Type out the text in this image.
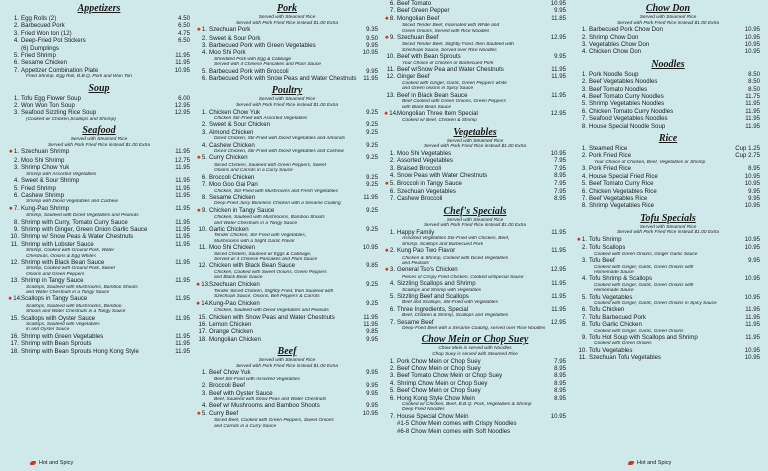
Appetizers
1. Egg Rolls (2)	4.50
2. Barbecued Pork	6.50
3. Fried Won ton (12)	4.75
4. Deep-Fried Pot Stickers	6.50
(6) Dumplings
5. Fried Shrimp	11.95
6. Sesame Chicken	11.95
7. Appetizer Combination Plate	10.95
Fried Shrimp, Egg Roll, B.B.Q. Pork and Won Ton
Soup
1. Tofu Egg Flower Soup	6.00
2. Won Won Ton Soup	12.95
3. Seafood Sizzling Rice Soup	12.95
(Cooked w/ Chicken,Scallops and Shrimp)
Seafood
Served with Steamed Rice
Served with Pork Fried Rice instead $1.00 Extra
✹1. Szechuan Shrimp	11.95
2. Moo Shi Shrimp	12.75
3. Shrimp Chow Yuk	11.95
Shrimp with Assorted Vegetables
4. Sweet & Sour Shrimp	11.95
5. Fried Shrimp	11.95
6. Cashew Shrimp	11.95
Shrimp with Diced Vegetables and Cashew
✹7. Kung-Pao Shrimp	11.95
Shrimp, Sauteed with Diced Vegetables and Peanuts
8. Shrimp with Curry, Tomato Curry Sauce	11.95
9. Shrimp with Ginger, Green Onion Garlic Sauce	11.95
10. Shrimp w/ Snow Peas & Water Chestnuts	11.95
11. Shrimp with Lobster Sauce	11.95
Shrimp, Cooked with Ground Pork, Water
Chestnuts, Onions & Egg Whites
12. Shrimp with Black Bean Sauce	11.95
Shrimp, Cooked with Ground Pork, Sweet
Onions and Green Peppers
13. Shrimp in Tangy Sauce	11.95
Scallops, Sauteed with Mushrooms, Bamboo Shoots
and Water Chestnuts in a Tangy Sauce
✹14. Scallops in Tangy Sauce	11.95
Scallops, Sauteed with Mushrooms, Bamboo
Shoots and Water Chestnuts in a Tangy Sauce
15. Scallops with Oyster Sauce	11.95
Scallops, Sauteed with Vegetables
in and Oyster Sauce
16. Shrimp with Green Vegetables	11.95
17. Shrimp with Bean Sprouts	11.95
18. Shrimp with Bean Sprouts Hong Kong Style	11.95
Pork
Served with Steamed Rice
Served with Pork Fried Rice instead $1.00 Extra
✹1. Szechuan Pork	9.35
2. Sweet & Sour Pork	9.50
3. Barbecued Pork with Green Vegetables	9.95
4. Moo Shi Pork	10.95
Shredded Pork with Egg & Cabbage
Served with 4 Chinese Pancakes and Plum Sauce
5. Barbecued Pork with Broccoli	9.95
6. Barbecued Pork with Snow Peas and Water Chestnuts	11.95
Poultry
Served with Steamed Rice
Served with Pork Fried Rice instead $1.00 Extra
1. Chicken Chow Yuk	9.25
Chicken Stir-Fried with Assorted Vegetables
2. Sweet & Sour Chicken	9.25
3. Almond Chicken	9.25
Diced Chicken, Stir-Fried with Diced Vegetables and Almonds
4. Cashew Chicken	9.25
Diced Chicken, Stir-Fried with Diced Vegetables and Cashew
✹5. Curry Chicken	9.25
Sliced Chicken, Sauteed with Green Peppers, Sweet
Onions and Carrots in a Curry Sauce
6. Broccoli Chicken	9.25
7. Moo Goo Gai Pan	9.25
Chicken, Stir-Fried with Mushrooms and Fresh Vegetables
8. Sesame Chicken	11.95
Deep-Fried Juicy Boneless Chicken with a Sesame Coating
✹9. Chicken in Tangy Sauce	9.25
Chicken, Sauteed with Mushrooms, Bamboo Shoots
and Water Chestnuts in a Tangy Sauce
10. Garlic Chicken	9.25
Tender Chicken, Stir-Fried with Vegetables,
Mushrooms with a Slight Garlic Flavor
11. Moo Shi Chicken	10.95
Sliced Chicken, Sauteed w/ Eggs & Cabbage,
Served w/ 4 Chinese Pancakes and Plum Sauce
12. Chicken with Black Bean Sauce	9.85
Chicken, Cooked with Sweet Onions, Green Peppers
and Black Bean Sauce
✹13. Szechuan Chicken	9.25
Tender Sliced Chicken, Slightly Fried, then Sautéed with
Szechuan Sauce, Onions, Bell Peppers & Carrots
✹14. Kung-Pao Chicken	9.25
Chicken, Sauteed with Diced Vegetables and Peanuts
15. Chicken with Snow Peas and Water Chestnuts	11.95
16. Lemon Chicken	11.95
17. Orange Chicken	9.85
18. Mongolian Chicken	9.95
Beef
Served with Steamed Rice
Served with Pork Fried Rice instead $1.00 Extra
1. Beef Chow Yuk	9.95
Beef Stir-Fried with Assorted Vegetables
2. Broccoli Beef	9.95
3. Beef with Oyster Sauce	9.95
Beef, Sauteed with Snow Peas and Water Chestnuts
4. Beef w/ Mushrooms and Bamboo Shoots	9.95
✹5. Curry Beef	10.95
Sliced Beef, Cooked with Green Peppers, Sweet Onions
and Carrots in a Curry Sauce
6. Beef Tomato	10.95
7. Beef Green Pepper	9.95
✹8. Mongolian Beef	11.85
Sliced Tender Beef, marinated with White and
Green Onions, Served with Rice Noodles
✹9. Szechuan Beef	12.95
Sliced Tender Beef, Slightly Fried, then Sautéed with
Szechuan Sauce, Served over Rice Noodles
10. Beef with Bean Sprouts	9.95
Your Choice of Chicken or Barbecued Pork
11. Beef w/Snow Pea and Water Chestnuts	11.95
12. Ginger Beef	11.95
Cooked with Ginger, Garlic, Green Peppers white
and Green onions in Spicy Sauce
13. Beef in Black Bean Sauce	11.95
Beef Cooked with Green Onions, Green Peppers
with Black Bean Sauce
✹14. Mongolian Three Item Special	12.95
Cooked w/ Beef, Chicken & Shrimp
Vegetables
Served with Steamed Rice
Served with Pork Fried Rice instead $1.00 Extra
1. Moo Shi Vegetables	10.95
2. Assorted Vegetables	7.95
3. Braised Broccoli	7.95
4. Snow Peas with Water Chestnuts	8.95
✹5. Broccoli in Tangy Sauce	7.95
6. Szechuan Vegetables	7.95
7. Cashew Broccoli	8.95
Chef's Specials
Served with Steamed Rice
Served with Pork Fried Rice instead $1.00 Extra
1. Happy Family	11.95
Assorted Vegetables Stir-Fried with Chicken, Beef,
Shrimp, Scallops and Barbecued Pork
✹2. Kung Pao Two Flavor	11.95
Chicken & Shrimp, Cooked with Diced Vegetables
and Peanuts
✹3. General Tso's Chicken	12.95
Pieces of Crispy Fried Chicken, Cooked w/Special Sauce
4. Sizzling Scallops and Shrimp	11.95
Scallops and Shrimp with Vegetables
5. Sizzling Beef and Scallops	11.95
Beef and Scallops, Stir-Fried with Vegetables
6. Three Ingredients, Special	11.95
Beef, Chicken & Shrimp, Scallops and Vegetables
7. Sesame Beef	12.95
Deep-Fried Beef with a Sesame Coating, served over Rice Noodles
Chow Mein or Chop Suey
Chow Mein is served with Noodles
Chop Suey is served with Steamed Rice
1. Pork Chow Mein or Chop Suey	7.95
2. Beef Chow Mein or Chop Suey	8.95
3. Beef Tomato Chow Mein or Chop Suey	8.95
4. Shrimp Chow Mein or Chop Suey	8.95
5. Beef Chow Mein or Chop Suey	8.95
6. Hong Kong Style Chow Mein	8.95
Cooked w/ Chicken, Beef, B.B.Q. Pork, Vegetables & Shrimp
Deep Fried Noodles
7. House Special Chow Mein	10.95
#1-5 Chow Mein comes with Crispy Noodles
#6-8 Chow Mein comes with Soft Noodles
Chow Don
Served with Steamed Rice
Served with Pork Fried Rice instead $1.00 Extra
1. Barbecued Pork Chow Don	10.95
2. Shrimp Chow Don	10.95
3. Vegetables Chow Don	10.95
4. Chicken Chow Don	10.95
Noodles
1. Pork Noodle Soup	8.50
2. Beef Vegetables Noodles	8.50
3. Beef Tomato Noodles	8.50
4. Beef Tomato Curry Noodles	11.75
5. Shrimp Vegetables Noodles	11.95
6. Chicken Tomato Curry Noodles	11.95
7. Seafood Vegetables Noodles	11.95
8. House Special Noodle Soup	11.95
Rice
1. Steamed Rice	Cup 1.25
2. Pork Fried Rice	Cup 2.75
Your Choice of Chicken, Beef, Vegetables or Shrimp
3. Pork Fried Rice	8.95
4. House Special Fried Rice	10.95
5. Beef Tomato Curry Rice	10.95
6. Chicken Vegetables Rice	9.95
7. Beef Vegetables Rice	9.95
8. Shrimp Vegetables Rice	10.95
Tofu Specials
Served with Steamed Rice
Served with Pork Fried Rice instead $1.00 Extra
✹1. Tofu Shrimp	10.95
2. Tofu Scallops	10.95
Cooked with Green Onions, Ginger Garlic Sauce
3. Tofu Beef	9.95
Cooked with Ginger, Garlic, Green Onions with
Homemade Sauce
4. Tofu Shrimp & Scallops	10.95
Cooked with Ginger, Garlic, Green Onions with
Homemade Sauce
5. Tofu Vegetables	10.95
Cooked with Ginger, Garlic, Green Onions in Spicy Sauce
6. Tofu Chicken	11.95
7. Tofu Barbecued Pork	11.95
8. Tofu Garlic Chicken	11.95
Cooked with Ginger, Garlic, Green Onions
9. Tofu Hot Soup with Scallops and Shrimp	11.95
Cooked with Green Onions
10. Tofu Vegetables	10.95
11. Szechuan Tofu Vegetables	10.95
Hot and Spicy	Hot and Spicy
